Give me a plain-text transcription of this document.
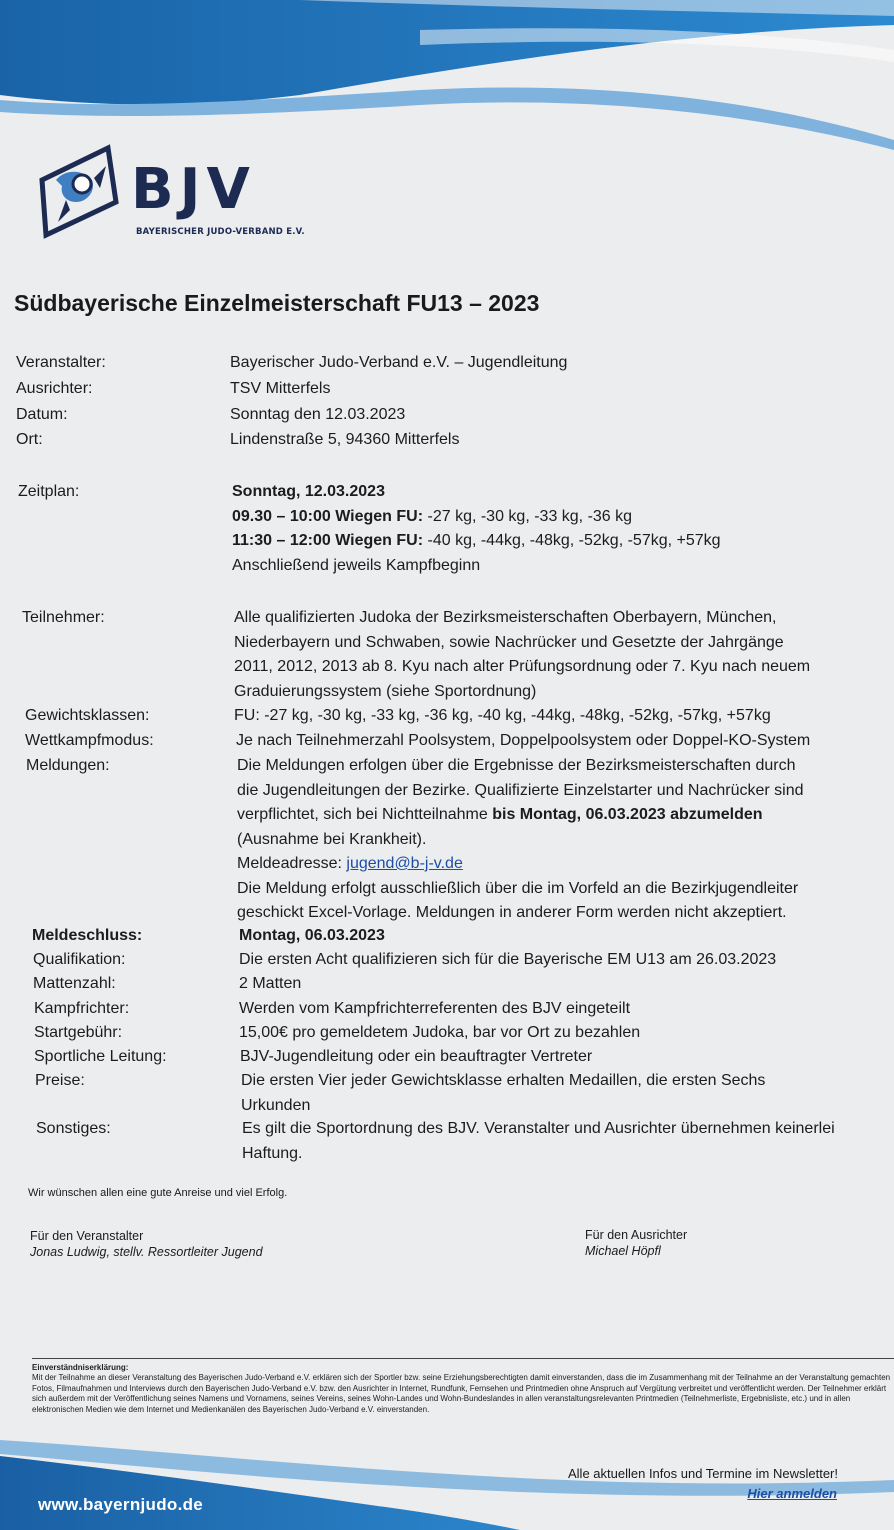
BJV
BAYERISCHER JUDO-VERBAND E.V.
Südbayerische Einzelmeisterschaft FU13 – 2023
Veranstalter:	Bayerischer Judo-Verband e.V. – Jugendleitung
Ausrichter:	TSV Mitterfels
Datum:	Sonntag den 12.03.2023
Ort:	Lindenstraße 5, 94360 Mitterfels
Zeitplan:	Sonntag, 12.03.2023
09.30 – 10:00 Wiegen FU: -27 kg, -30 kg, -33 kg, -36 kg
11:30 – 12:00 Wiegen FU: -40 kg, -44kg, -48kg, -52kg, -57kg, +57kg
Anschließend jeweils Kampfbeginn
Teilnehmer:	Alle qualifizierten Judoka der Bezirksmeisterschaften Oberbayern, München,
Niederbayern und Schwaben, sowie Nachrücker und Gesetzte der Jahrgänge
2011, 2012, 2013 ab 8. Kyu nach alter Prüfungsordnung oder 7. Kyu nach neuem
Graduierungssystem (siehe Sportordnung)
Gewichtsklassen:	FU: -27 kg, -30 kg, -33 kg, -36 kg, -40 kg, -44kg, -48kg, -52kg, -57kg, +57kg
Wettkampfmodus:	Je nach Teilnehmerzahl Poolsystem, Doppelpoolsystem oder Doppel-KO-System
Meldungen:	Die Meldungen erfolgen über die Ergebnisse der Bezirksmeisterschaften durch
die Jugendleitungen der Bezirke. Qualifizierte Einzelstarter und Nachrücker sind
verpflichtet, sich bei Nichtteilnahme bis Montag, 06.03.2023 abzumelden
(Ausnahme bei Krankheit).
Meldeadresse: jugend@b-j-v.de
Die Meldung erfolgt ausschließlich über die im Vorfeld an die Bezirkjugendleiter
geschickt Excel-Vorlage. Meldungen in anderer Form werden nicht akzeptiert.
Meldeschluss:	Montag, 06.03.2023
Qualifikation:	Die ersten Acht qualifizieren sich für die Bayerische EM U13 am 26.03.2023
Mattenzahl:	2 Matten
Kampfrichter:	Werden vom Kampfrichterreferenten des BJV eingeteilt
Startgebühr:	15,00€ pro gemeldetem Judoka, bar vor Ort zu bezahlen
Sportliche Leitung:	BJV-Jugendleitung oder ein beauftragter Vertreter
Preise:	Die ersten Vier jeder Gewichtsklasse erhalten Medaillen, die ersten Sechs
Urkunden
Sonstiges:	Es gilt die Sportordnung des BJV. Veranstalter und Ausrichter übernehmen keinerlei
Haftung.
Wir wünschen allen eine gute Anreise und viel Erfolg.
Für den Veranstalter
Jonas Ludwig, stellv. Ressortleiter Jugend
Für den Ausrichter
Michael Höpfl
Einverständniserklärung:
Mit der Teilnahme an dieser Veranstaltung des Bayerischen Judo-Verband e.V. erklären sich der Sportler bzw. seine Erziehungsberechtigten damit einverstanden, dass die im Zusammenhang mit der Teilnahme an der Veranstaltung gemachten Fotos, Filmaufnahmen und Interviews durch den Bayerischen Judo-Verband e.V. bzw. den Ausrichter in Internet, Rundfunk, Fernsehen und Printmedien ohne Anspruch auf Vergütung verbreitet und veröffentlicht werden. Der Teilnehmer erklärt sich außerdem mit der Veröffentlichung seines Namens und Vornamens, seines Vereins, seines Wohn-Landes und Wohn-Bundeslandes in allen veranstaltungsrelevanten Printmedien (Teilnehmerliste, Ergebnisliste, etc.) und in allen elektronischen Medien wie dem Internet und Medienkanälen des Bayerischen Judo-Verband e.V. einverstanden.
www.bayernjudo.de
Alle aktuellen Infos und Termine im Newsletter!
Hier anmelden
